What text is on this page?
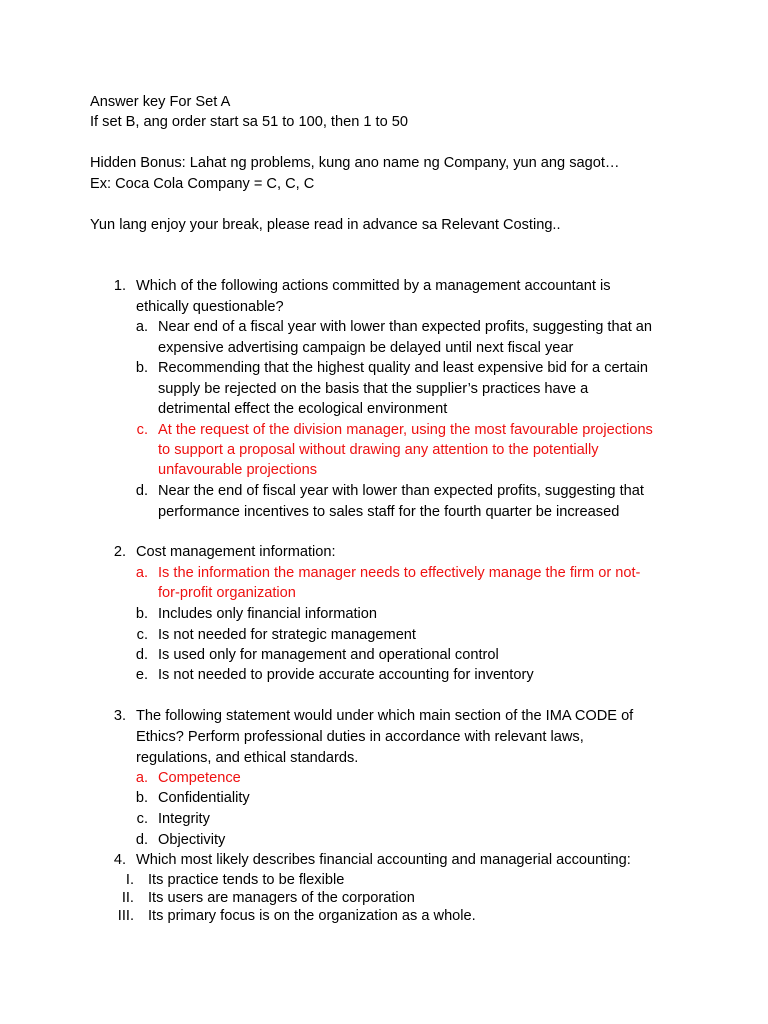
Answer key For Set A
If set B, ang order start sa 51 to 100, then 1 to 50
Hidden Bonus: Lahat ng problems, kung ano name ng Company, yun ang sagot…
Ex: Coca Cola Company = C, C, C
Yun lang enjoy your break, please read in advance sa Relevant Costing..
1. Which of the following actions committed by a management accountant is
ethically questionable?
a. Near end of a fiscal year with lower than expected profits, suggesting that an
expensive advertising campaign be delayed until next fiscal year
b. Recommending that the highest quality and least expensive bid for a certain
supply be rejected on the basis that the supplier’s practices have a
detrimental effect the ecological environment
c. At the request of the division manager, using the most favourable projections
to support a proposal without drawing any attention to the potentially
unfavourable projections
d. Near the end of fiscal year with lower than expected profits, suggesting that
performance incentives to sales staff for the fourth quarter be increased
2. Cost management information:
a. Is the information the manager needs to effectively manage the firm or not-
for-profit organization
b. Includes only financial information
c. Is not needed for strategic management
d. Is used only for management and operational control
e. Is not needed to provide accurate accounting for inventory
3. The following statement would under which main section of the IMA CODE of
Ethics? Perform professional duties in accordance with relevant laws,
regulations, and ethical standards.
a. Competence
b. Confidentiality
c. Integrity
d. Objectivity
4. Which most likely describes financial accounting and managerial accounting:
I. Its practice tends to be flexible
II. Its users are managers of the corporation
III. Its primary focus is on the organization as a whole.
